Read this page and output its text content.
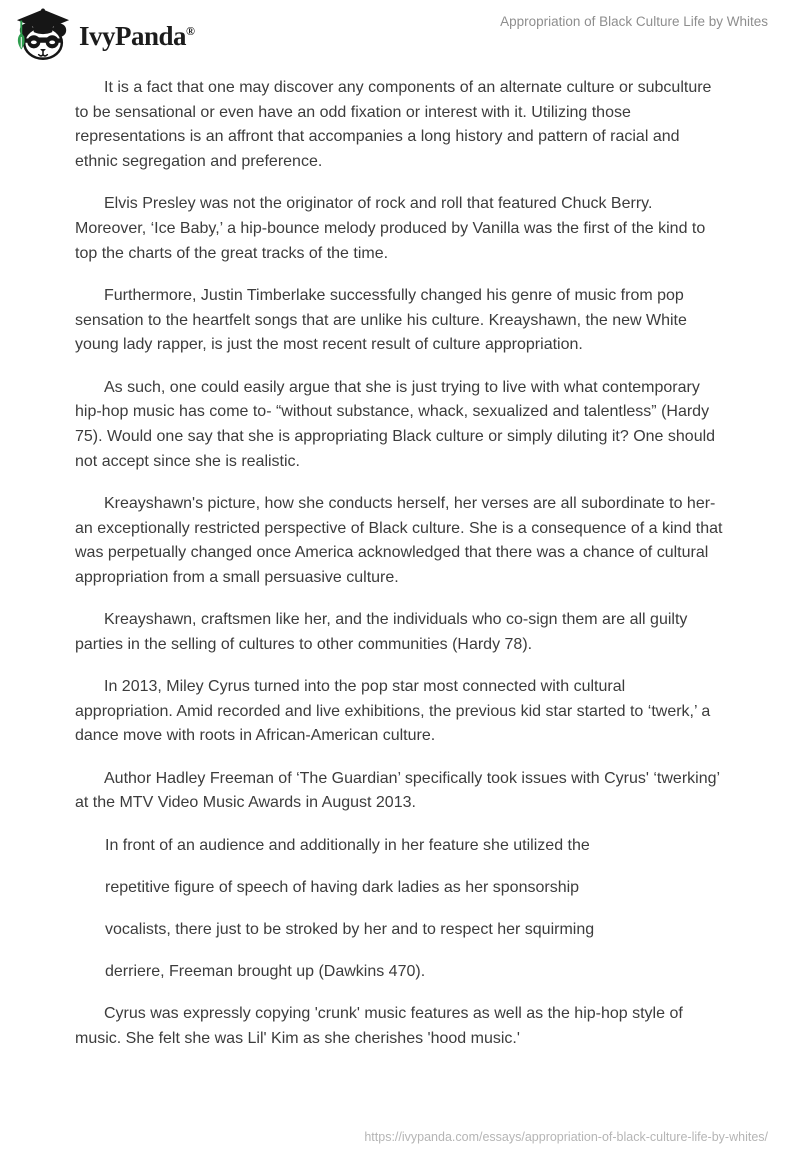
IvyPanda®
Appropriation of Black Culture Life by Whites

It is a fact that one may discover any components of an alternate culture or subculture to be sensational or even have an odd fixation or interest with it. Utilizing those representations is an affront that accompanies a long history and pattern of racial and ethnic segregation and preference.

Elvis Presley was not the originator of rock and roll that featured Chuck Berry. Moreover, ‘Ice Baby,’ a hip-bounce melody produced by Vanilla was the first of the kind to top the charts of the great tracks of the time.

Furthermore, Justin Timberlake successfully changed his genre of music from pop sensation to the heartfelt songs that are unlike his culture. Kreayshawn, the new White young lady rapper, is just the most recent result of culture appropriation.

As such, one could easily argue that she is just trying to live with what contemporary hip-hop music has come to- “without substance, whack, sexualized and talentless” (Hardy 75). Would one say that she is appropriating Black culture or simply diluting it? One should not accept since she is realistic.

Kreayshawn's picture, how she conducts herself, her verses are all subordinate to her- an exceptionally restricted perspective of Black culture. She is a consequence of a kind that was perpetually changed once America acknowledged that there was a chance of cultural appropriation from a small persuasive culture.

Kreayshawn, craftsmen like her, and the individuals who co-sign them are all guilty parties in the selling of cultures to other communities (Hardy 78).

In 2013, Miley Cyrus turned into the pop star most connected with cultural appropriation. Amid recorded and live exhibitions, the previous kid star started to ‘twerk,’ a dance move with roots in African-American culture.

Author Hadley Freeman of ‘The Guardian’ specifically took issues with Cyrus' ‘twerking’ at the MTV Video Music Awards in August 2013.

In front of an audience and additionally in her feature she utilized the

repetitive figure of speech of having dark ladies as her sponsorship

vocalists, there just to be stroked by her and to respect her squirming

derriere, Freeman brought up (Dawkins 470).

Cyrus was expressly copying 'crunk' music features as well as the hip-hop style of music. She felt she was Lil' Kim as she cherishes 'hood music.'

https://ivypanda.com/essays/appropriation-of-black-culture-life-by-whites/
